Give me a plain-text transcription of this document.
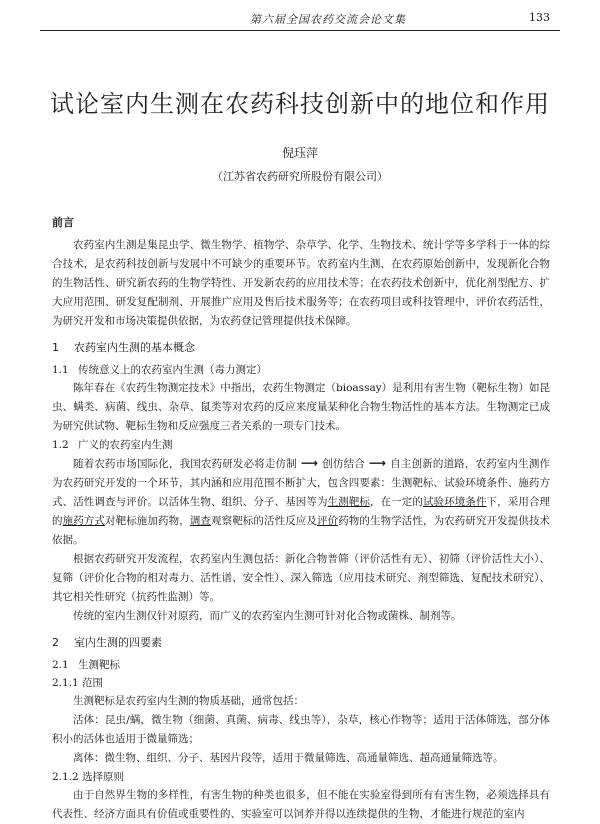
第六届全国农药交流会论文集	133
试论室内生测在农药科技创新中的地位和作用
倪珏萍
（江苏省农药研究所股份有限公司）
前言

农药室内生测是集昆虫学、微生物学、植物学、杂草学、化学、生物技术、统计学等多学科于一体的综合技术，是农药科技创新与发展中不可缺少的重要环节。农药室内生测，在农药原始创新中，发现新化合物的生物活性、研究新农药的生物学特性、开发新农药的应用技术等；在农药技术创新中，优化剂型配方、扩大应用范围、研发复配制剂、开展推广应用及售后技术服务等；在农药项目或科技管理中，评价农药活性，为研究开发和市场决策提供依据，为农药登记管理提供技术保障。

1 农药室内生测的基本概念
1.1 传统意义上的农药室内生测（毒力测定）

陈年春在《农药生物测定技术》中指出，农药生物测定（bioassay）是利用有害生物（靶标生物）如昆虫、螨类、病菌、线虫、杂草、鼠类等对农药的反应来度量某种化合物生物活性的基本方法。生物测定已成为研究供试物、靶标生物和反应强度三者关系的一项专门技术。

1.2 广义的农药室内生测

随着农药市场国际化，我国农药研发必将走仿制 ⟶ 创仿结合 ⟶ 自主创新的道路，农药室内生测作为农药研究开发的一个环节，其内涵和应用范围不断扩大，包含四要素：生测靶标、试验环境条件、施药方式、活性调查与评价。以活体生物、组织、分子、基因等为生测靶标，在一定的试验环境条件下，采用合理的施药方式对靶标施加药物，调查观察靶标的活性反应及评价药物的生物学活性，为农药研究开发提供技术依据。

根据农药研究开发流程，农药室内生测包括：新化合物普筛（评价活性有无）、初筛（评价活性大小）、复筛（评价化合物的相对毒力、活性谱、安全性）、深入筛选（应用技术研究、剂型筛选、复配技术研究）、其它相关性研究（抗药性监测）等。

传统的室内生测仅针对原药，而广义的农药室内生测可针对化合物或菌株、制剂等。

2 室内生测的四要素
2.1 生测靶标
2.1.1 范围

生测靶标是农药室内生测的物质基础，通常包括：

活体：昆虫/螨，微生物（细菌、真菌、病毒、线虫等），杂草，核心作物等；适用于活体筛选，部分体积小的活体也适用于微量筛选；

离体：微生物、组织、分子、基因片段等，适用于微量筛选、高通量筛选、超高通量筛选等。

2.1.2 选择原则

由于自然界生物的多样性，有害生物的种类也很多，但不能在实验室得到所有有害生物，必须选择具有代表性、经济方面具有价值或重要性的、实验室可以饲养并得以连续提供的生物，才能进行规范的室内
